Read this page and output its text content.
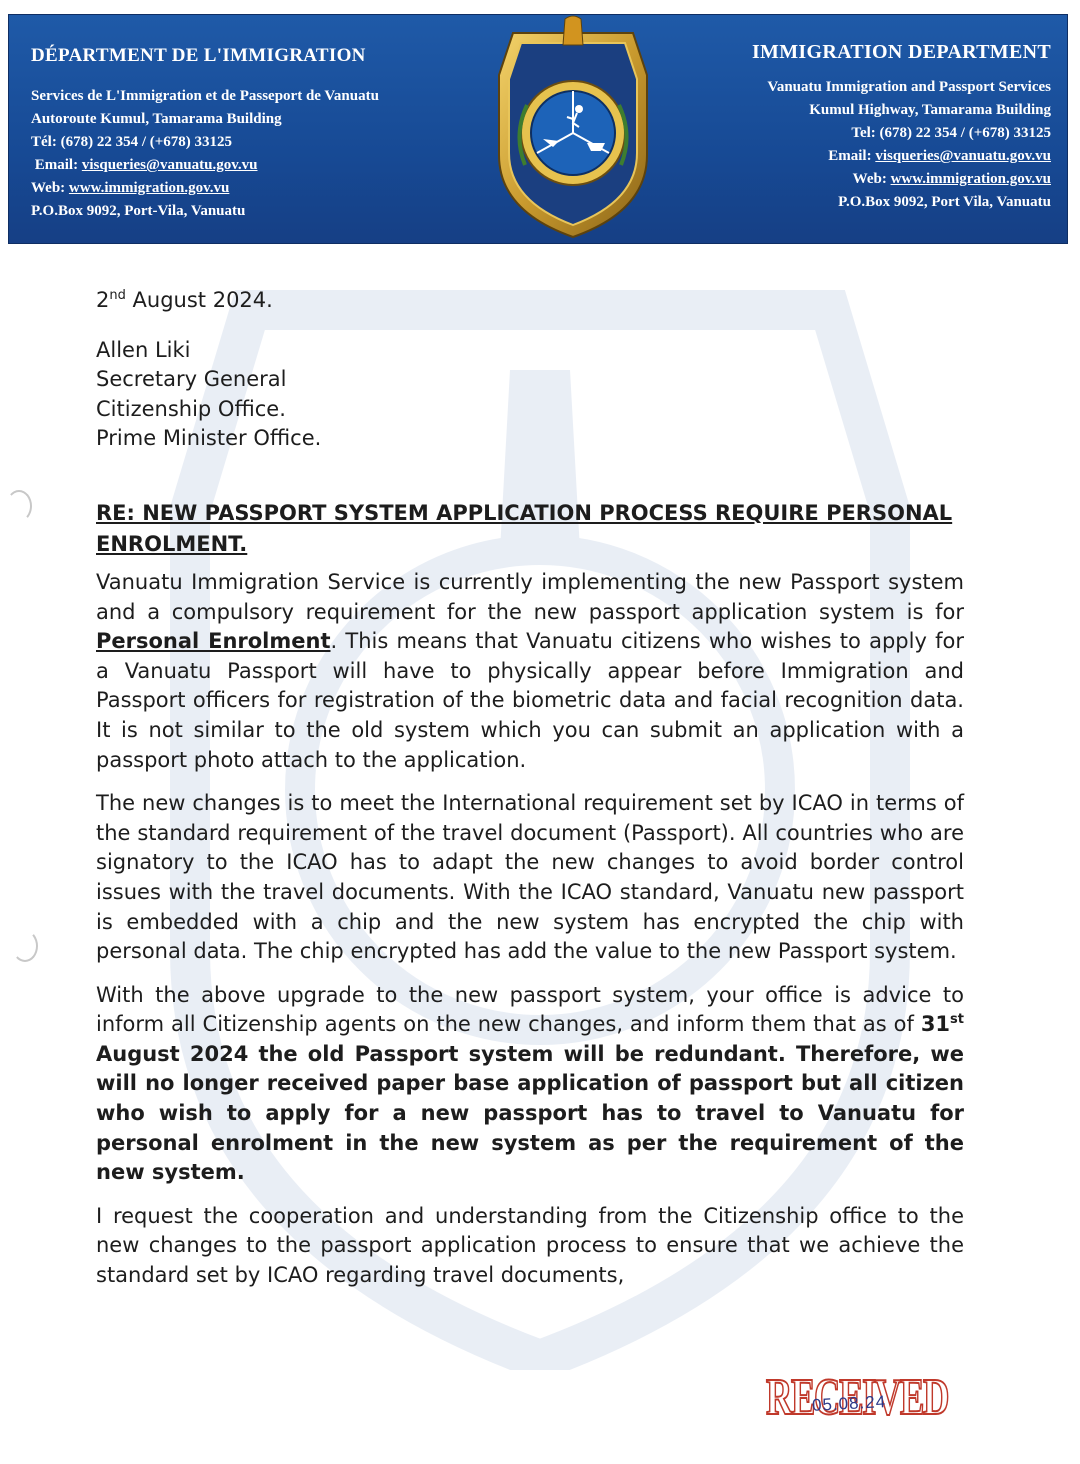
DÉPARTMENT DE L'IMMIGRATION
Services de L'Immigration et de Passeport de Vanuatu
Autoroute Kumul, Tamarama Building
Tél: (678) 22 354 / (+678) 33125
Email: visqueries@vanuatu.gov.vu
Web: www.immigration.gov.vu
P.O.Box 9092, Port-Vila, Vanuatu
IMMIGRATION DEPARTMENT
Vanuatu Immigration and Passport Services
Kumul Highway, Tamarama Building
Tel: (678) 22 354 / (+678) 33125
Email: visqueries@vanuatu.gov.vu
Web: www.immigration.gov.vu
P.O.Box 9092, Port Vila, Vanuatu
2nd August 2024.
Allen Liki
Secretary General
Citizenship Office.
Prime Minister Office.
RE: NEW PASSPORT SYSTEM APPLICATION PROCESS REQUIRE PERSONAL
ENROLMENT.
Vanuatu Immigration Service is currently implementing the new Passport system and a compulsory requirement for the new passport application system is for Personal Enrolment. This means that Vanuatu citizens who wishes to apply for a Vanuatu Passport will have to physically appear before Immigration and Passport officers for registration of the biometric data and facial recognition data. It is not similar to the old system which you can submit an application with a passport photo attach to the application.
The new changes is to meet the International requirement set by ICAO in terms of the standard requirement of the travel document (Passport). All countries who are signatory to the ICAO has to adapt the new changes to avoid border control issues with the travel documents. With the ICAO standard, Vanuatu new passport is embedded with a chip and the new system has encrypted the chip with personal data. The chip encrypted has add the value to the new Passport system.
With the above upgrade to the new passport system, your office is advice to inform all Citizenship agents on the new changes, and inform them that as of 31st August 2024 the old Passport system will be redundant. Therefore, we will no longer received paper base application of passport but all citizen who wish to apply for a new passport has to travel to Vanuatu for personal enrolment in the new system as per the requirement of the new system.
I request the cooperation and understanding from the Citizenship office to the new changes to the passport application process to ensure that we achieve the standard set by ICAO regarding travel documents,
RECEIVED
05.08.24
